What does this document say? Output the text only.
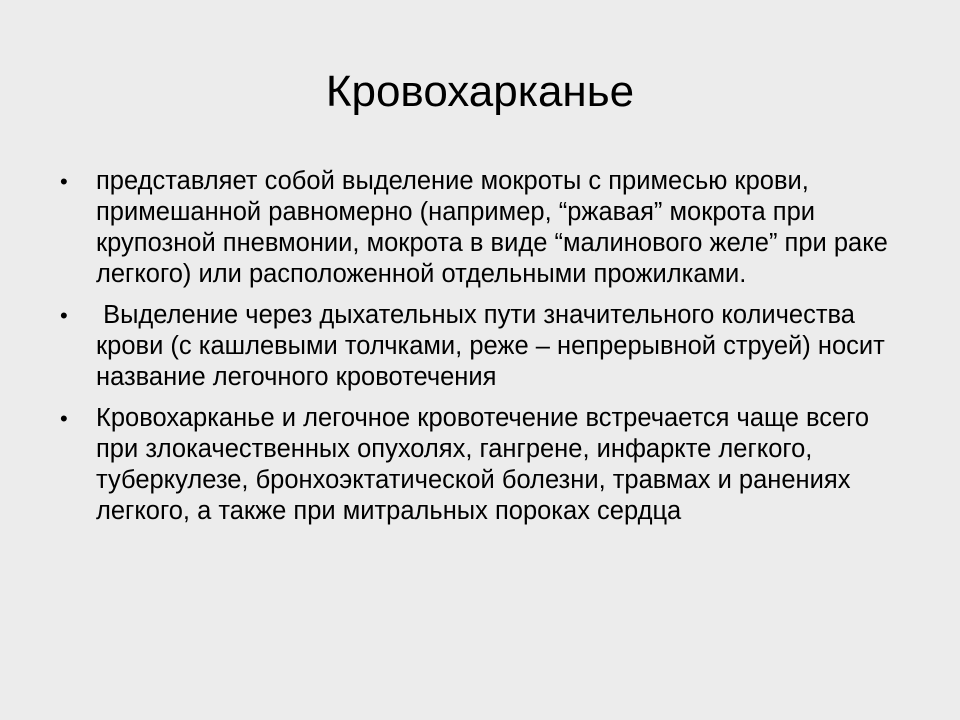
Кровохарканье
• представляет собой выделение мокроты с примесью крови, примешанной равномерно (например, “ржавая” мокрота при крупозной пневмонии, мокрота в виде “малинового желе” при раке легкого) или расположенной отдельными прожилками.
• Выделение через дыхательных пути значительного количества крови (с кашлевыми толчками, реже – непрерывной струей) носит название легочного кровотечения
• Кровохарканье и легочное кровотечение встречается чаще всего при злокачественных опухолях, гангрене, инфаркте легкого, туберкулезе, бронхоэктатической болезни, травмах и ранениях легкого, а также при митральных пороках сердца
